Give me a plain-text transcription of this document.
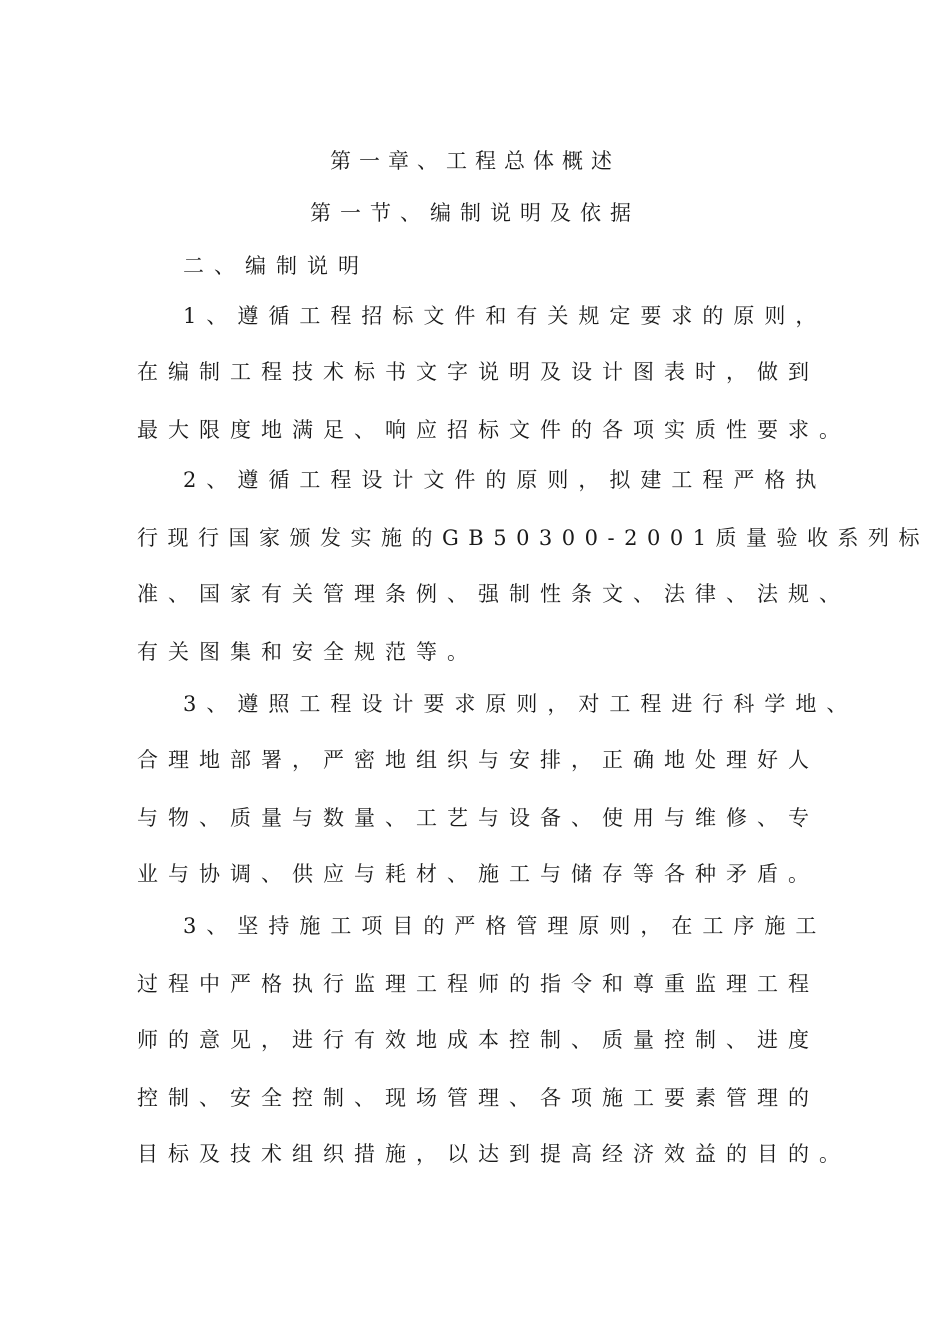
第一章、工程总体概述
第一节、编制说明及依据
二、编制说明
1、遵循工程招标文件和有关规定要求的原则，
在编制工程技术标书文字说明及设计图表时，做到
最大限度地满足、响应招标文件的各项实质性要求。
2、遵循工程设计文件的原则，拟建工程严格执
行现行国家颁发实施的GB50300-2001质量验收系列标
准、国家有关管理条例、强制性条文、法律、法规、
有关图集和安全规范等。
3、遵照工程设计要求原则，对工程进行科学地、
合理地部署，严密地组织与安排，正确地处理好人
与物、质量与数量、工艺与设备、使用与维修、专
业与协调、供应与耗材、施工与储存等各种矛盾。
3、坚持施工项目的严格管理原则，在工序施工
过程中严格执行监理工程师的指令和尊重监理工程
师的意见，进行有效地成本控制、质量控制、进度
控制、安全控制、现场管理、各项施工要素管理的
目标及技术组织措施，以达到提高经济效益的目的。
